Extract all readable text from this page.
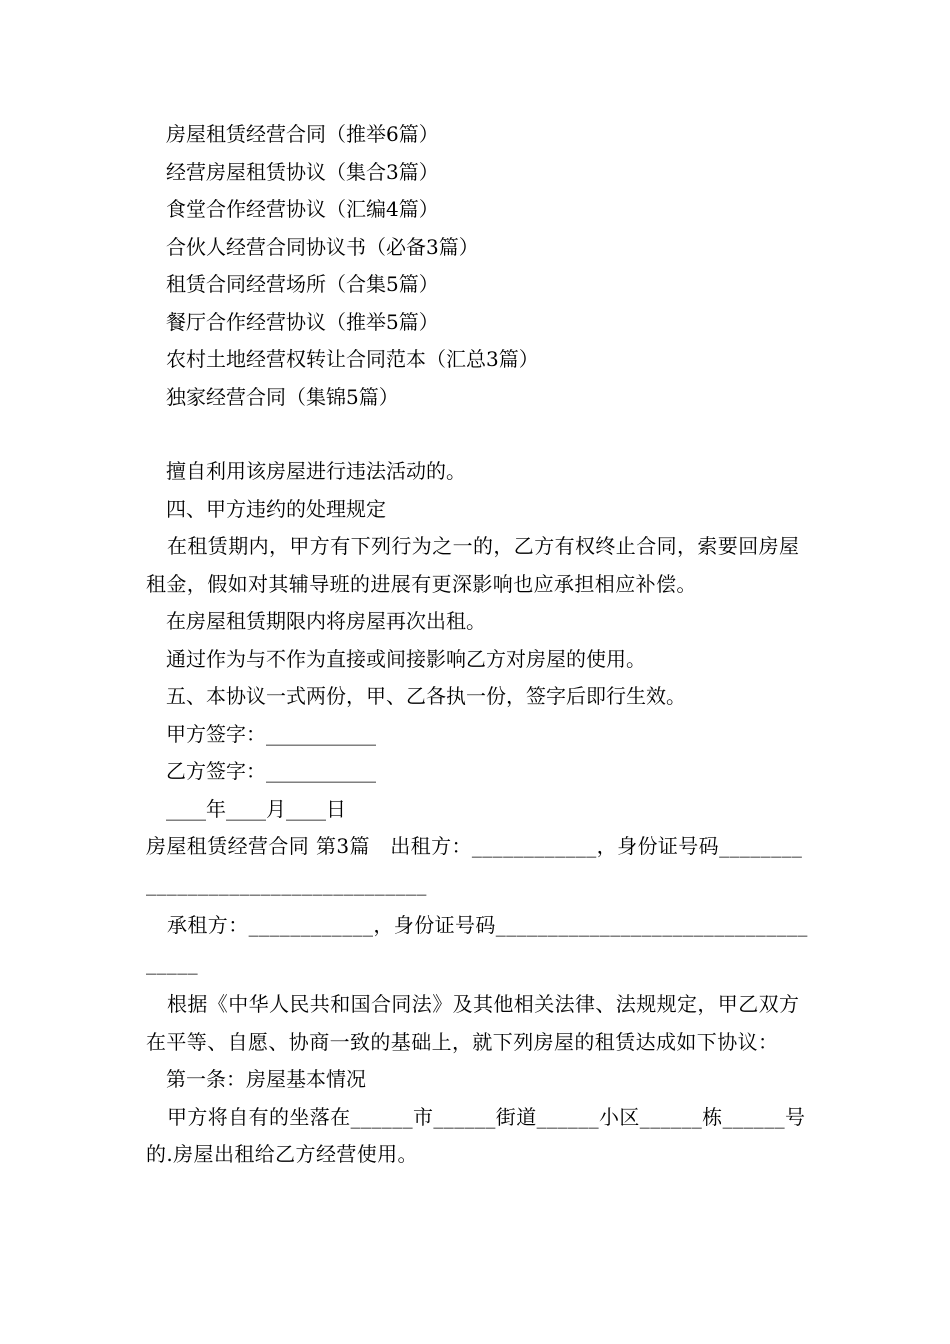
房屋租赁经营合同（推举6篇）
经营房屋租赁协议（集合3篇）
食堂合作经营协议（汇编4篇）
合伙人经营合同协议书（必备3篇）
租赁合同经营场所（合集5篇）
餐厅合作经营协议（推举5篇）
农村土地经营权转让合同范本（汇总3篇）
独家经营合同（集锦5篇）
擅自利用该房屋进行违法活动的。
四、甲方违约的处理规定
在租赁期内，甲方有下列行为之一的，乙方有权终止合同，索要回房屋租金，假如对其辅导班的进展有更深影响也应承担相应补偿。
在房屋租赁期限内将房屋再次出租。
通过作为与不作为直接或间接影响乙方对房屋的使用。
五、本协议一式两份，甲、乙各执一份，签字后即行生效。
甲方签字：___________
乙方签字：___________
____年____月____日
房屋租赁经营合同 第3篇　出租方：____________，身份证号码___________________________________
承租方：____________，身份证号码___________________________________
根据《中华人民共和国合同法》及其他相关法律、法规规定，甲乙双方在平等、自愿、协商一致的基础上，就下列房屋的租赁达成如下协议：
第一条：房屋基本情况
甲方将自有的坐落在______市______街道______小区______栋______号的.房屋出租给乙方经营使用。
